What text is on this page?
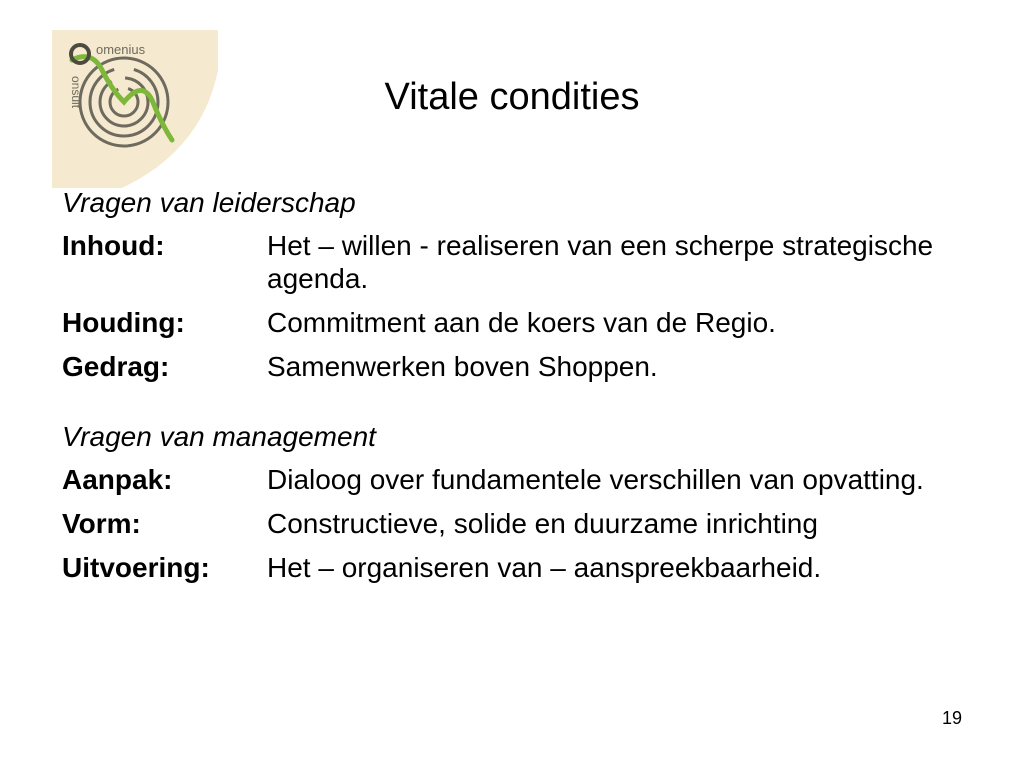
omenius
onsult	Vitale condities

Vragen van leiderschap

Inhoud:	Het – willen - realiseren van een scherpe strategische agenda.
Houding:	Commitment aan de koers van de Regio.
Gedrag:	Samenwerken boven Shoppen.

Vragen van management

Aanpak:	Dialoog over fundamentele verschillen van opvatting.
Vorm:	Constructieve, solide en duurzame inrichting
Uitvoering:	Het – organiseren van – aanspreekbaarheid.
19
